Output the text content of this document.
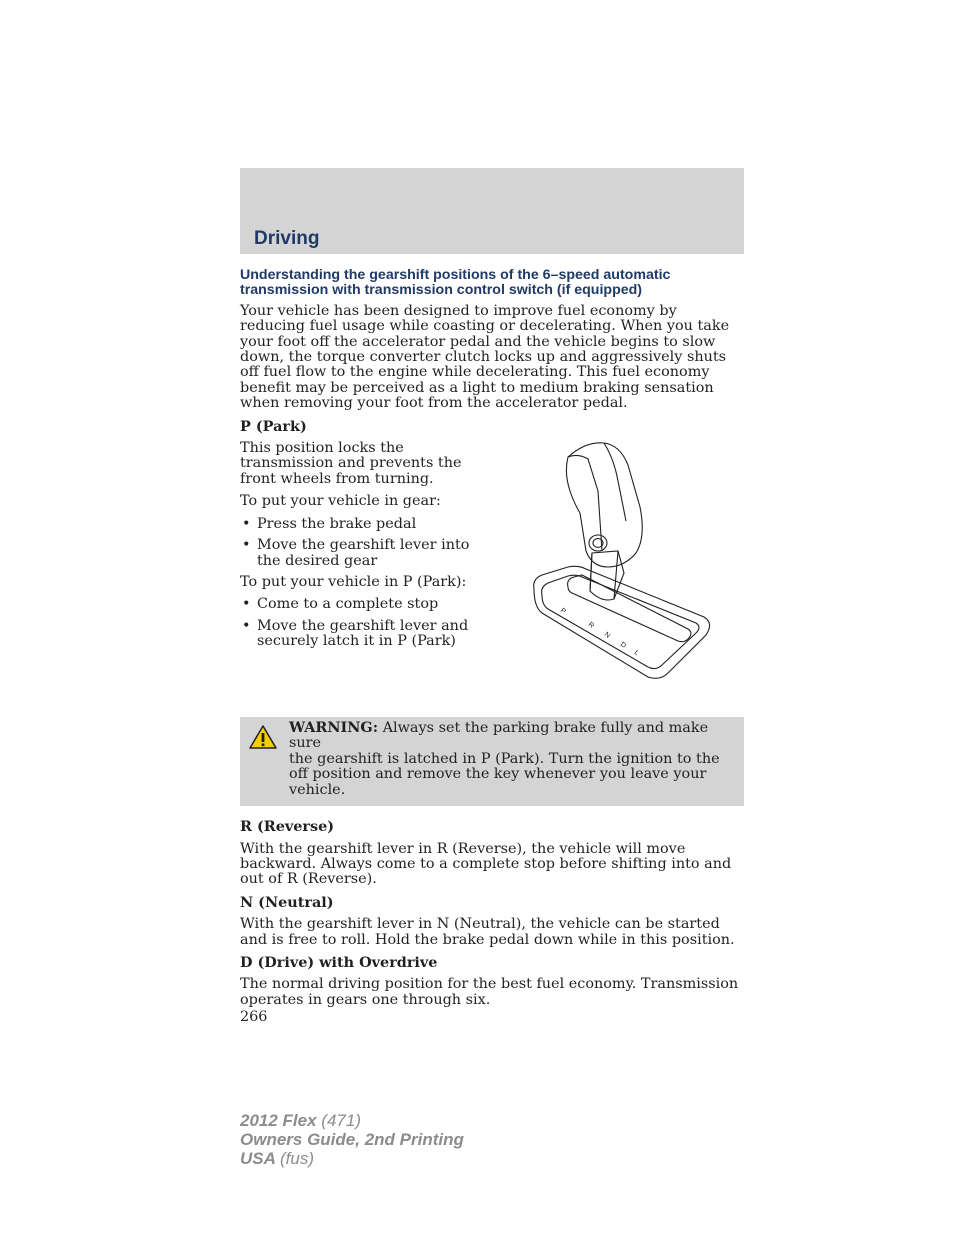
Driving
Understanding the gearshift positions of the 6–speed automatic transmission with transmission control switch (if equipped)

Your vehicle has been designed to improve fuel economy by reducing fuel usage while coasting or decelerating. When you take your foot off the accelerator pedal and the vehicle begins to slow down, the torque converter clutch locks up and aggressively shuts off fuel flow to the engine while decelerating. This fuel economy benefit may be perceived as a light to medium braking sensation when removing your foot from the accelerator pedal.

P (Park)

This position locks the transmission and prevents the front wheels from turning.

To put your vehicle in gear:

• Press the brake pedal
• Move the gearshift lever into the desired gear

To put your vehicle in P (Park):

• Come to a complete stop
• Move the gearshift lever and securely latch it in P (Park)
P
R
N
D
L
WARNING: Always set the parking brake fully and make sure
the gearshift is latched in P (Park). Turn the ignition to the off position and remove the key whenever you leave your vehicle.
R (Reverse)

With the gearshift lever in R (Reverse), the vehicle will move backward. Always come to a complete stop before shifting into and out of R (Reverse).

N (Neutral)

With the gearshift lever in N (Neutral), the vehicle can be started and is free to roll. Hold the brake pedal down while in this position.

D (Drive) with Overdrive

The normal driving position for the best fuel economy. Transmission operates in gears one through six.

266
2012 Flex (471)
Owners Guide, 2nd Printing
USA (fus)
